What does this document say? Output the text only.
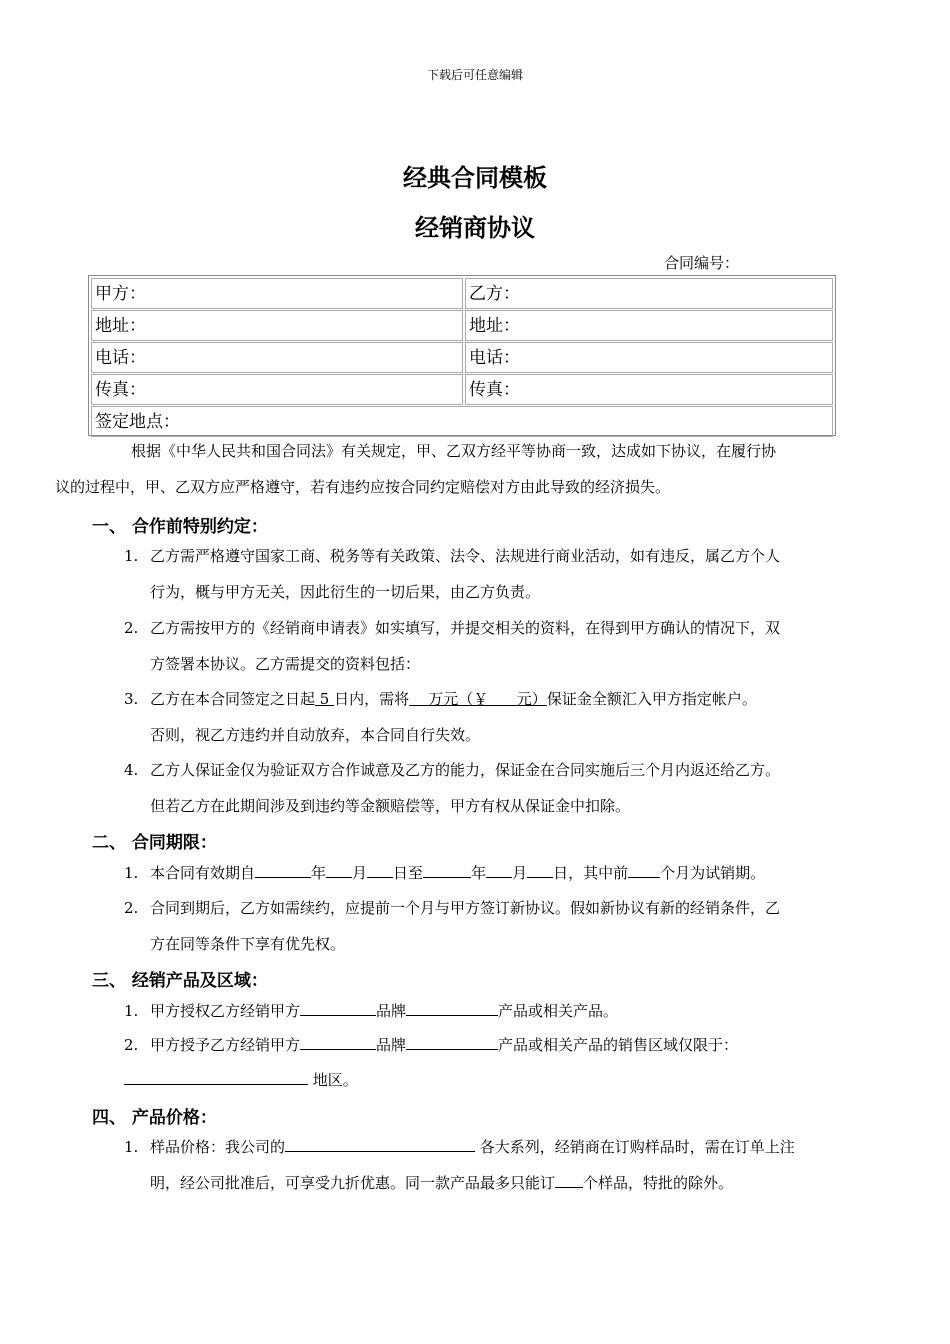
下载后可任意编辑
经典合同模板
经销商协议
合同编号：
甲方：	乙方：
地址：	地址：
电话：	电话：
传真：	传真：
签定地点：
根据《中华人民共和国合同法》有关规定，甲、乙双方经平等协商一致，达成如下协议，在履行协
议的过程中，甲、乙双方应严格遵守，若有违约应按合同约定赔偿对方由此导致的经济损失。
一、 合作前特别约定：
1. 乙方需严格遵守国家工商、税务等有关政策、法令、法规进行商业活动，如有违反，属乙方个人
行为，概与甲方无关，因此衍生的一切后果，由乙方负责。
2. 乙方需按甲方的《经销商申请表》如实填写，并提交相关的资料，在得到甲方确认的情况下，双
方签署本协议。乙方需提交的资料包括：
3. 乙方在本合同签定之日起 5 日内，需将    万元（￥      元）保证金全额汇入甲方指定帐户。
否则，视乙方违约并自动放弃，本合同自行失效。
4. 乙方人保证金仅为验证双方合作诚意及乙方的能力，保证金在合同实施后三个月内返还给乙方。
但若乙方在此期间涉及到违约等金额赔偿等，甲方有权从保证金中扣除。
二、 合同期限：
1. 本合同有效期自	年 月 日至	年 月 日，其中前 个月为试销期。
2. 合同到期后，乙方如需续约，应提前一个月与甲方签订新协议。假如新协议有新的经销条件，乙
方在同等条件下享有优先权。
三、 经销产品及区域：
1. 甲方授权乙方经销甲方	品牌	产品或相关产品。
2. 甲方授予乙方经销甲方	品牌	产品或相关产品的销售区域仅限于：
地区。
四、 产品价格：
1. 样品价格：我公司的	各大系列，经销商在订购样品时，需在订单上注
明，经公司批准后，可享受九折优惠。同一款产品最多只能订 个样品，特批的除外。
